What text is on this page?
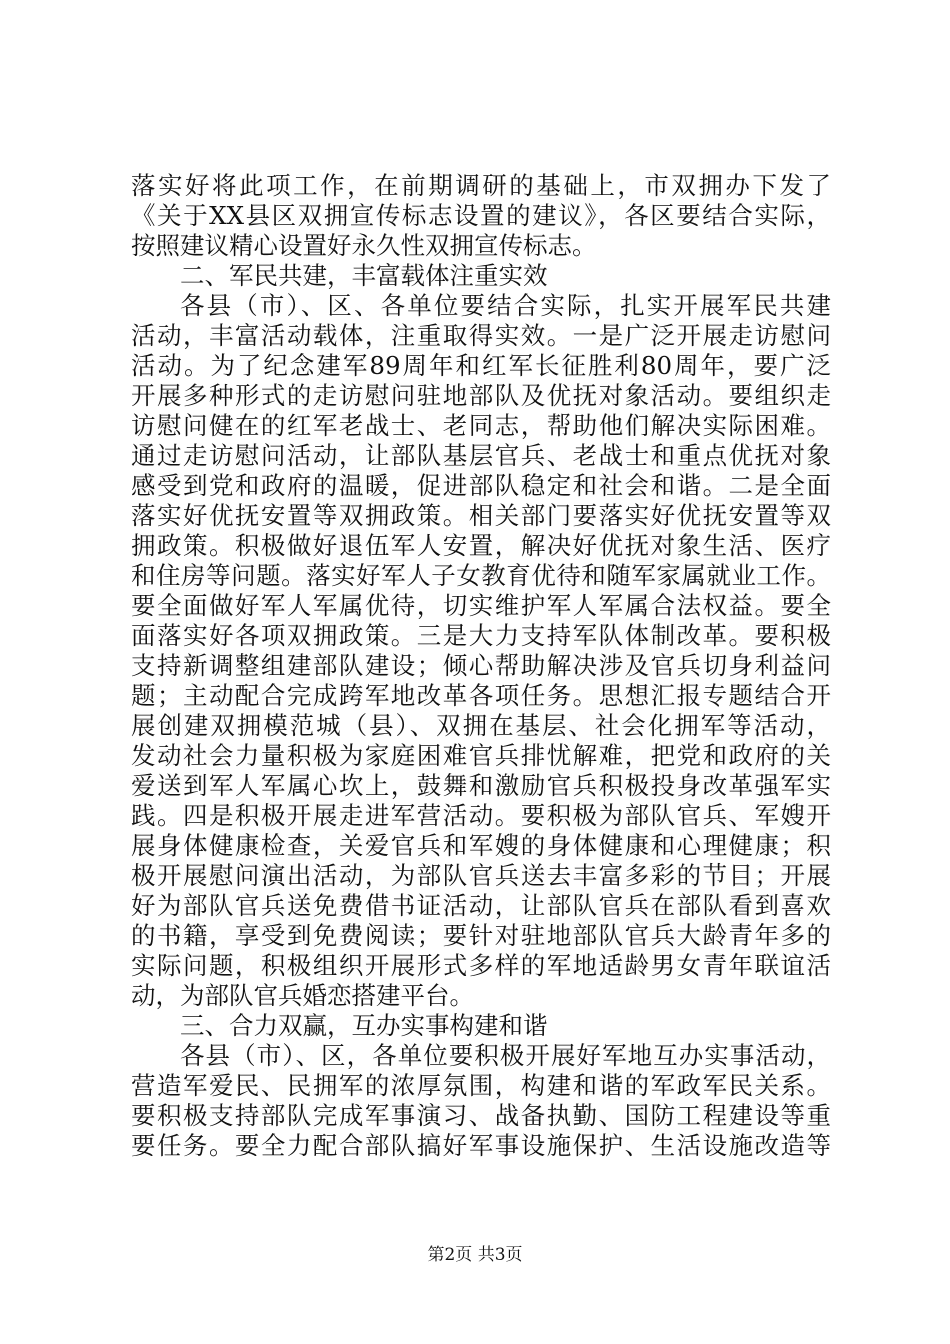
落实好将此项工作，在前期调研的基础上，市双拥办下发了
《关于XX县区双拥宣传标志设置的建议》，各区要结合实际，
按照建议精心设置好永久性双拥宣传标志。
二、军民共建，丰富载体注重实效
各县（市）、区、各单位要结合实际，扎实开展军民共建
活动，丰富活动载体，注重取得实效。一是广泛开展走访慰问
活动。为了纪念建军89周年和红军长征胜利80周年，要广泛
开展多种形式的走访慰问驻地部队及优抚对象活动。要组织走
访慰问健在的红军老战士、老同志，帮助他们解决实际困难。
通过走访慰问活动，让部队基层官兵、老战士和重点优抚对象
感受到党和政府的温暖，促进部队稳定和社会和谐。二是全面
落实好优抚安置等双拥政策。相关部门要落实好优抚安置等双
拥政策。积极做好退伍军人安置，解决好优抚对象生活、医疗
和住房等问题。落实好军人子女教育优待和随军家属就业工作。
要全面做好军人军属优待，切实维护军人军属合法权益。要全
面落实好各项双拥政策。三是大力支持军队体制改革。要积极
支持新调整组建部队建设；倾心帮助解决涉及官兵切身利益问
题；主动配合完成跨军地改革各项任务。思想汇报专题结合开
展创建双拥模范城（县）、双拥在基层、社会化拥军等活动，
发动社会力量积极为家庭困难官兵排忧解难，把党和政府的关
爱送到军人军属心坎上，鼓舞和激励官兵积极投身改革强军实
践。四是积极开展走进军营活动。要积极为部队官兵、军嫂开
展身体健康检查，关爱官兵和军嫂的身体健康和心理健康；积
极开展慰问演出活动，为部队官兵送去丰富多彩的节目；开展
好为部队官兵送免费借书证活动，让部队官兵在部队看到喜欢
的书籍，享受到免费阅读；要针对驻地部队官兵大龄青年多的
实际问题，积极组织开展形式多样的军地适龄男女青年联谊活
动，为部队官兵婚恋搭建平台。
三、合力双赢，互办实事构建和谐
各县（市）、区，各单位要积极开展好军地互办实事活动，
营造军爱民、民拥军的浓厚氛围，构建和谐的军政军民关系。
要积极支持部队完成军事演习、战备执勤、国防工程建设等重
要任务。要全力配合部队搞好军事设施保护、生活设施改造等
第2页 共3页
